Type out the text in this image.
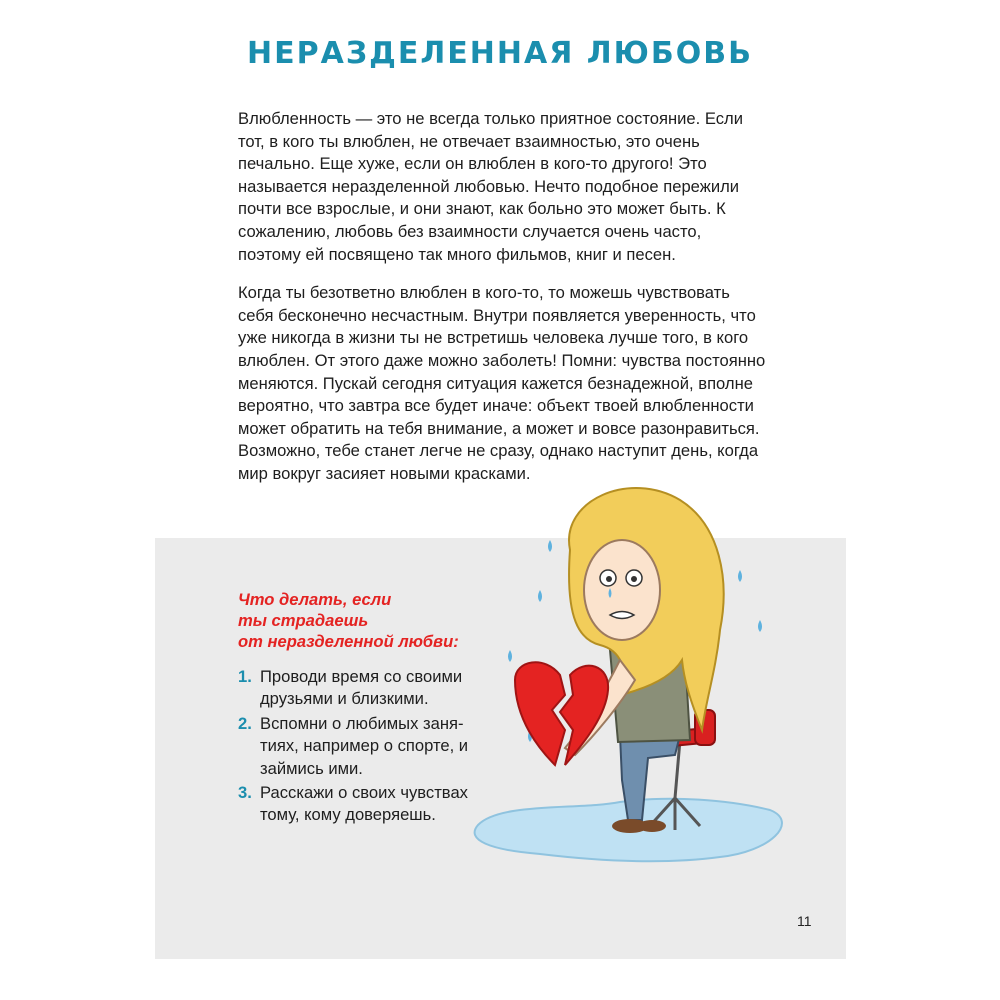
НЕРАЗДЕЛЕННАЯ ЛЮБОВЬ

Влюбленность — это не всегда только приятное состояние. Если тот, в кого ты влюблен, не отвечает взаимностью, это очень печально. Еще хуже, если он влюблен в кого-то другого! Это называется неразделенной любовью. Нечто подобное пережили почти все взрослые, и они знают, как больно это может быть. К сожалению, любовь без взаимности случается очень часто, поэтому ей посвящено так много фильмов, книг и песен.

Когда ты безответно влюблен в кого-то, то можешь чувствовать себя бесконечно несчастным. Внутри появляется уверенность, что уже никогда в жизни ты не встретишь человека лучше того, в кого влюблен. От этого даже можно заболеть! Помни: чувства постоянно меняются. Пускай сегодня ситуация кажется безнадежной, вполне вероятно, что завтра все будет иначе: объект твоей влюбленности может обратить на тебя внимание, а может и вовсе разонравиться. Возможно, тебе станет легче не сразу, однако наступит день, когда мир вокруг засияет новыми красками.

Что делать, если
ты страдаешь
от неразделенной любви:
1. Проводи время со своими друзьями и близкими.
2. Вспомни о любимых занятиях, например о спорте, и займись ими.
3. Расскажи о своих чувствах тому, кому доверяешь.
11
